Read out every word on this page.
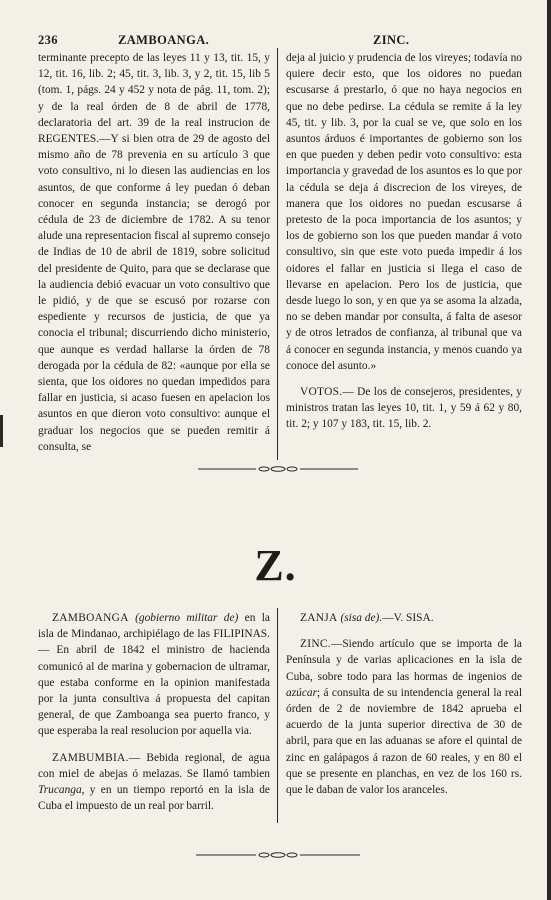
236	ZAMBOANGA.	ZINC.

terminante precepto de las leyes 11 y 13, tit. 15, y 12, tit. 16, lib. 2; 45, tit. 3, lib. 3, y 2, tit. 15, lib 5 (tom. 1, págs. 24 y 452 y nota de pág. 11, tom. 2); y de la real órden de 8 de abril de 1778, declaratoria del art. 39 de la real instrucion de REGENTES.—Y si bien otra de 29 de agosto del mismo año de 78 prevenia en su artículo 3 que voto consultivo, ni lo diesen las audiencias en los asuntos, de que conforme á ley puedan ó deban conocer en segunda instancia; se derogó por cédula de 23 de diciembre de 1782. A su tenor alude una representacion fiscal al supremo consejo de Indias de 10 de abril de 1819, sobre solicitud del presidente de Quito, para que se declarase que la audiencia debió evacuar un voto consultivo que le pidió, y de que se escusó por rozarse con espediente y recursos de justicia, de que ya conocia el tribunal; discurriendo dicho ministerio, que aunque es verdad hallarse la órden de 78 derogada por la cédula de 82: «aunque por ella se sienta, que los oidores no quedan impedidos para fallar en justicia, si acaso fuesen en apelacion los asuntos en que dieron voto consultivo: aunque el graduar los negocios que se pueden remitir á consulta, se

deja al juicio y prudencia de los vireyes; todavía no quiere decir esto, que los oidores no puedan escusarse á prestarlo, ó que no haya negocios en que no debe pedirse. La cédula se remite á la ley 45, tit. y lib. 3, por la cual se ve, que solo en los asuntos árduos é importantes de gobierno son los en que pueden y deben pedir voto consultivo: esta importancia y gravedad de los asuntos es lo que por la cédula se deja á discrecion de los vireyes, de manera que los oidores no puedan escusarse á pretesto de la poca importancia de los asuntos; y los de gobierno son los que pueden mandar á voto consultivo, sin que este voto pueda impedir á los oidores el fallar en justicia si llega el caso de llevarse en apelacion. Pero los de justicia, que desde luego lo son, y en que ya se asoma la alzada, no se deben mandar por consulta, á falta de asesor y de otros letrados de confianza, al tribunal que va á conocer en segunda instancia, y menos cuando ya conoce del asunto.»

VOTOS.— De los de consejeros, presidentes, y ministros tratan las leyes 10, tit. 1, y 59 á 62 y 80, tit. 2; y 107 y 183, tit. 15, lib. 2.

Z.

ZAMBOANGA (gobierno militar de) en la isla de Mindanao, archipiélago de las FILIPINAS. — En abril de 1842 el ministro de hacienda comunicó al de marina y gobernacion de ultramar, que estaba conforme en la opinion manifestada por la junta consultiva á propuesta del capitan general, de que Zamboanga sea puerto franco, y que esperaba la real resolucion por aquella via.

ZAMBUMBIA.— Bebida regional, de agua con miel de abejas ó melazas. Se llamó tambien Trucanga, y en un tiempo reportó en la isla de Cuba el impuesto de un real por barril.

ZANJA (sisa de).—V. SISA.

ZINC.—Siendo artículo que se importa de la Península y de varias aplicaciones en la isla de Cuba, sobre todo para las hormas de ingenios de azúcar; á consulta de su intendencia general la real órden de 2 de noviembre de 1842 aprueba el acuerdo de la junta superior directiva de 30 de abril, para que en las aduanas se afore el quintal de zinc en galápagos á razon de 60 reales, y en 80 el que se presente en planchas, en vez de los 160 rs. que le daban de valor los aranceles.
